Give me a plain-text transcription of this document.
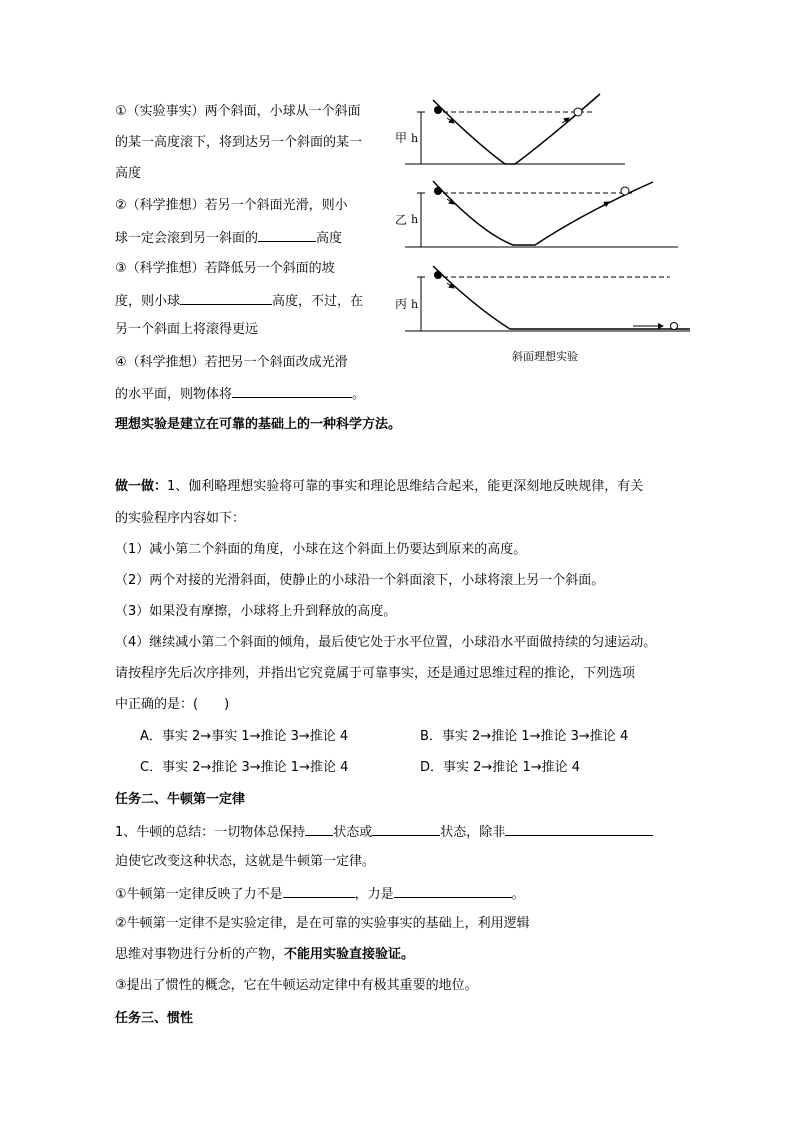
①（实验事实）两个斜面，小球从一个斜面
的某一高度滚下，将到达另一个斜面的某一
高度
②（科学推想）若另一个斜面光滑，则小
球一定会滚到另一斜面的	高度
③（科学推想）若降低另一个斜面的坡
度，则小球	高度，不过，在
另一个斜面上将滚得更远
④（科学推想）若把另一个斜面改成光滑
的水平面，则物体将	。
理想实验是建立在可靠的基础上的一种科学方法。
甲 h
乙 h
丙 h
斜面理想实验
做一做：1、伽利略理想实验将可靠的事实和理论思维结合起来，能更深刻地反映规律，有关
的实验程序内容如下：
（1）减小第二个斜面的角度，小球在这个斜面上仍要达到原来的高度。
（2）两个对接的光滑斜面，使静止的小球沿一个斜面滚下，小球将滚上另一个斜面。
（3）如果没有摩擦，小球将上升到释放的高度。
（4）继续减小第二个斜面的倾角，最后使它处于水平位置，小球沿水平面做持续的匀速运动。
请按程序先后次序排列，并指出它究竟属于可靠事实，还是通过思维过程的推论，下列选项
中正确的是：(　　)
A．事实 2→事实 1→推论 3→推论 4	B．事实 2→推论 1→推论 3→推论 4
C．事实 2→推论 3→推论 1→推论 4	D．事实 2→推论 1→推论 4
任务二、牛顿第一定律
1、牛顿的总结：一切物体总保持 状态或	状态，除非
迫使它改变这种状态，这就是牛顿第一定律。
①牛顿第一定律反映了力不是	，力是	。
②牛顿第一定律不是实验定律，是在可靠的实验事实的基础上，利用逻辑
思维对事物进行分析的产物，不能用实验直接验证。
③提出了惯性的概念，它在牛顿运动定律中有极其重要的地位。
任务三、惯性
